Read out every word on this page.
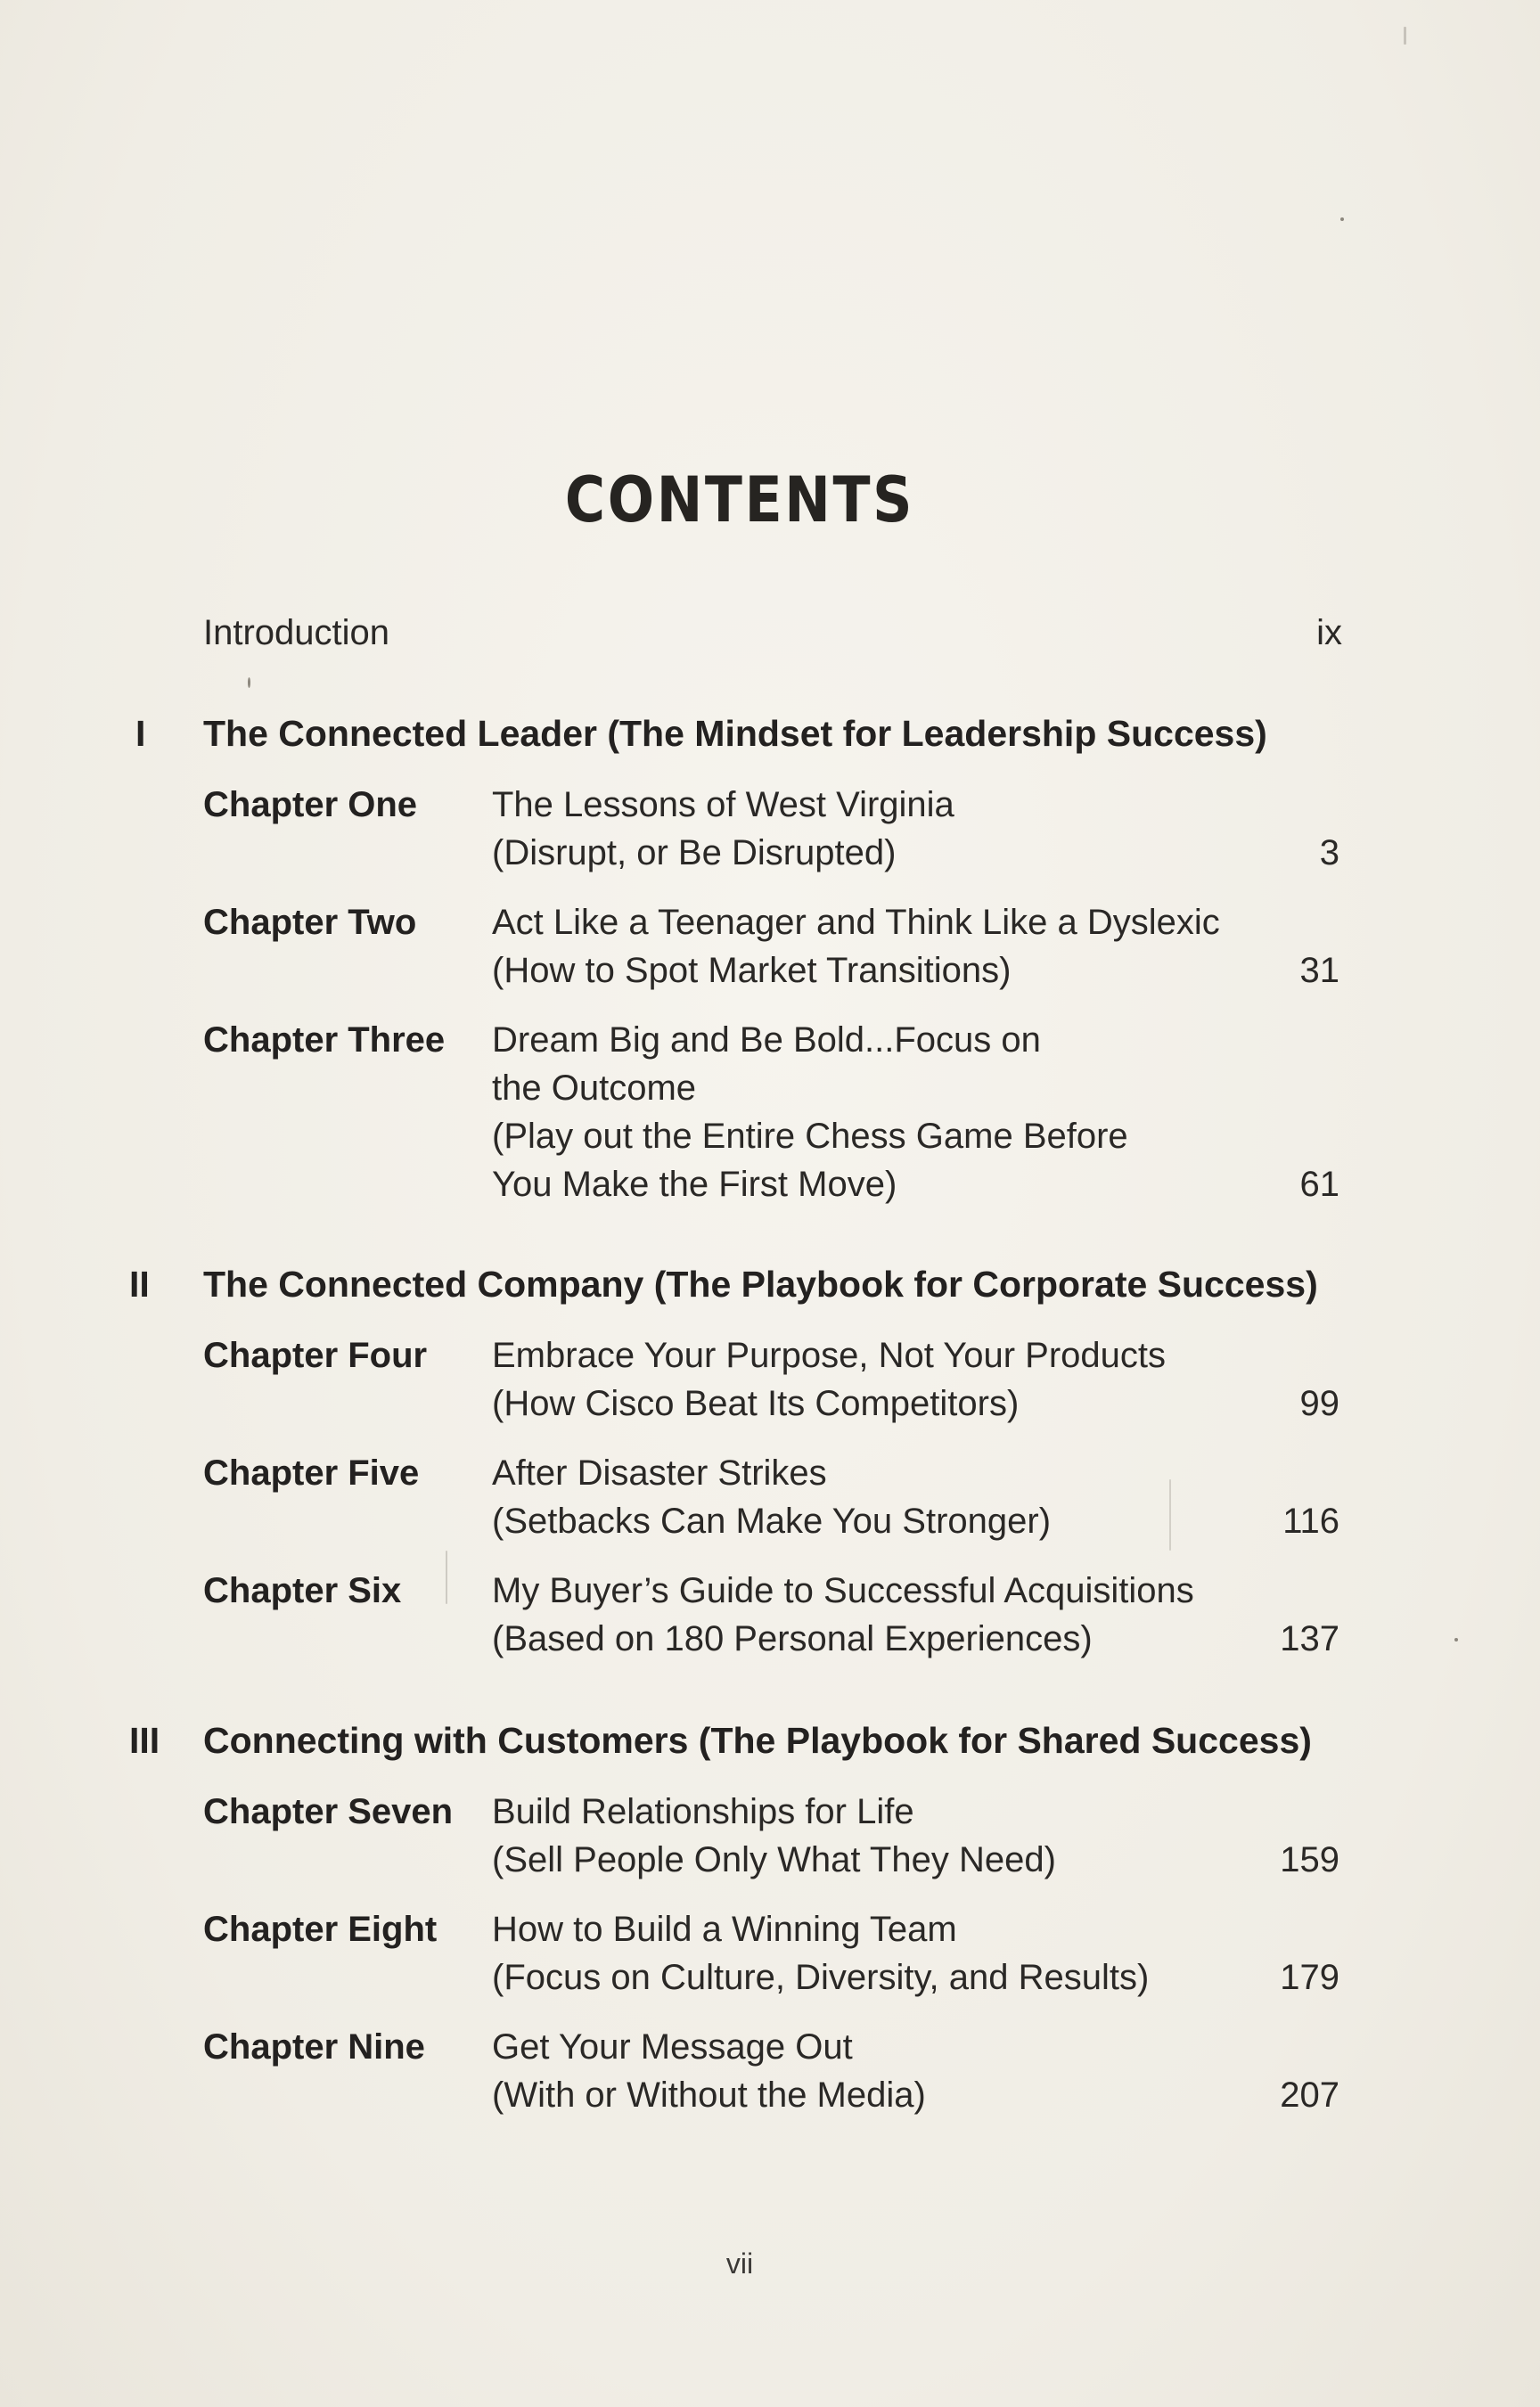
CONTENTS
Introduction	ix
I The Connected Leader (The Mindset for Leadership Success)
Chapter One The Lessons of West Virginia
(Disrupt, or Be Disrupted)	3
Chapter Two Act Like a Teenager and Think Like a Dyslexic
(How to Spot Market Transitions)	31
Chapter Three Dream Big and Be Bold...Focus on
the Outcome
(Play out the Entire Chess Game Before
You Make the First Move)	61
II The Connected Company (The Playbook for Corporate Success)
Chapter Four Embrace Your Purpose, Not Your Products
(How Cisco Beat Its Competitors)	99
Chapter Five After Disaster Strikes
(Setbacks Can Make You Stronger)	116
Chapter Six	My Buyer’s Guide to Successful Acquisitions
(Based on 180 Personal Experiences)	137
III Connecting with Customers (The Playbook for Shared Success)
Chapter Seven Build Relationships for Life
(Sell People Only What They Need)	159
Chapter Eight How to Build a Winning Team
(Focus on Culture, Diversity, and Results)	179
Chapter Nine Get Your Message Out
(With or Without the Media)	207
vii
